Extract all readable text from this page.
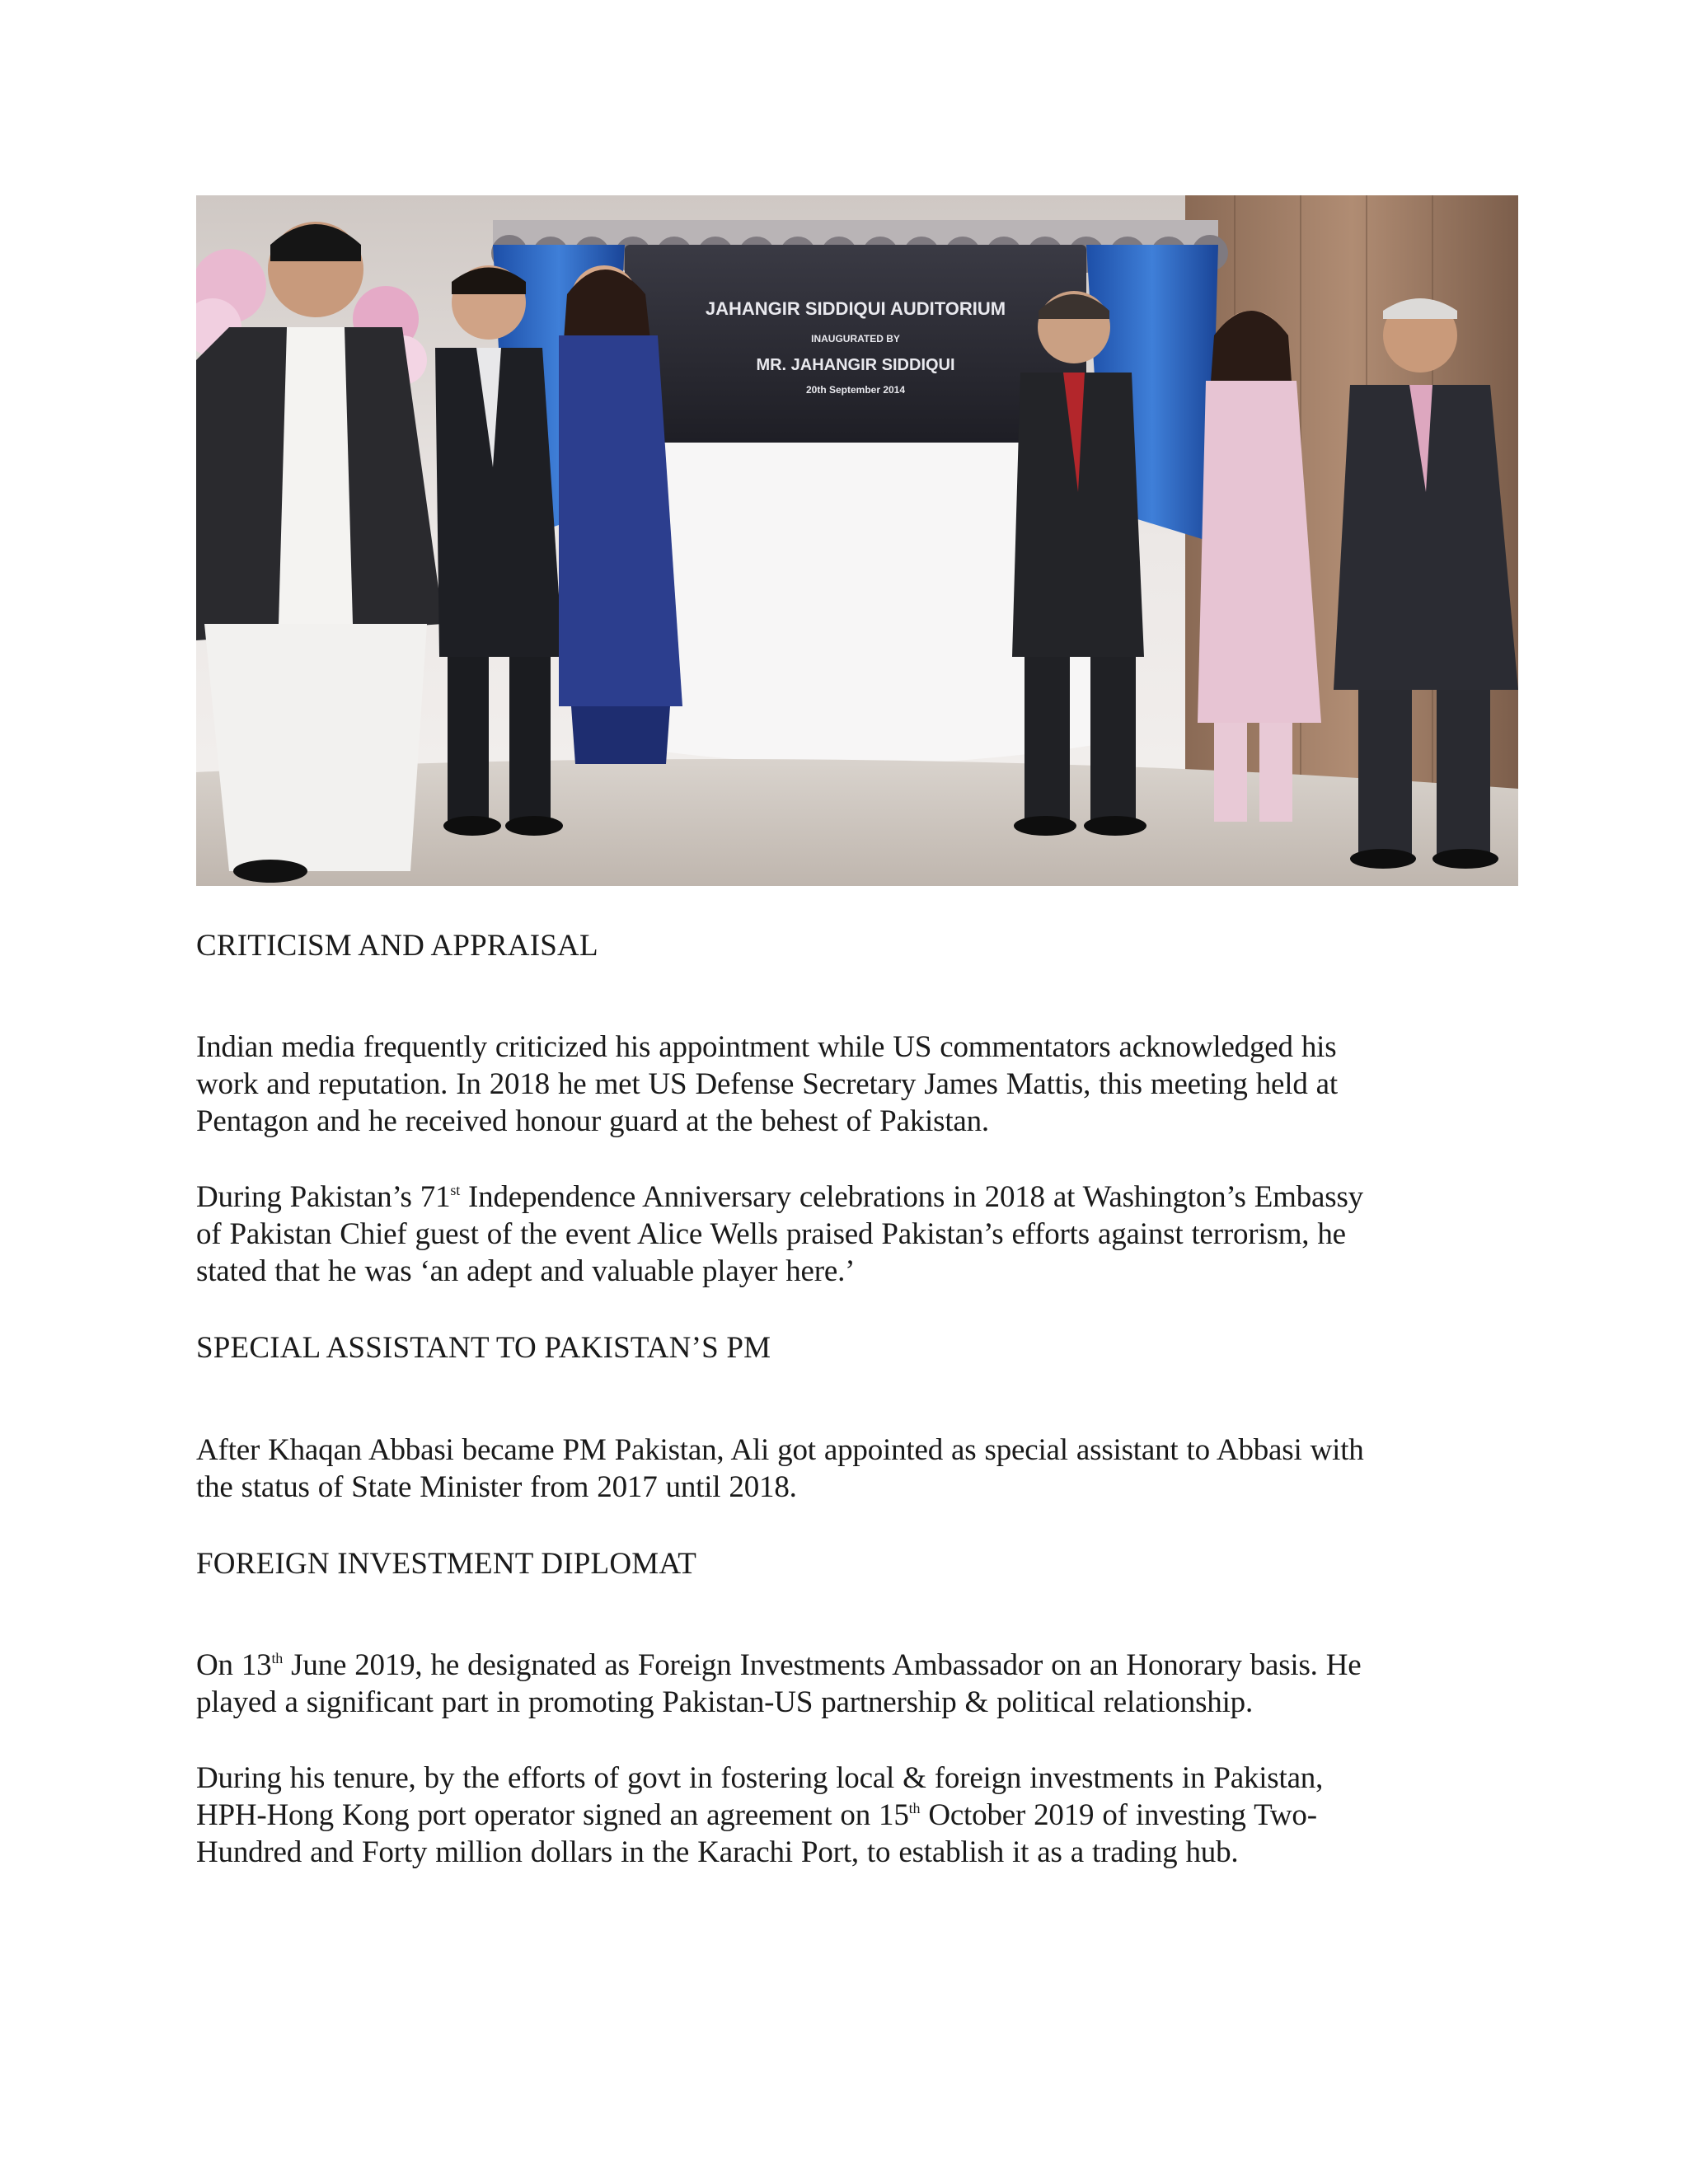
JAHANGIR SIDDIQUI AUDITORIUM
INAUGURATED BY
MR. JAHANGIR SIDDIQUI
20th September 2014
CRITICISM AND APPRAISAL

Indian media frequently criticized his appointment while US commentators acknowledged his

work and reputation. In 2018 he met US Defense Secretary James Mattis, this meeting held at

Pentagon and he received honour guard at the behest of Pakistan.

During Pakistan’s 71st Independence Anniversary celebrations in 2018 at Washington’s Embassy

of Pakistan Chief guest of the event Alice Wells praised Pakistan’s efforts against terrorism, he

stated that he was ‘an adept and valuable player here.’

SPECIAL ASSISTANT TO PAKISTAN’S PM

After Khaqan Abbasi became PM Pakistan, Ali got appointed as special assistant to Abbasi with

the status of State Minister from 2017 until 2018.

FOREIGN INVESTMENT DIPLOMAT

On 13th June 2019, he designated as Foreign Investments Ambassador on an Honorary basis. He

played a significant part in promoting Pakistan-US partnership & political relationship.

During his tenure, by the efforts of govt in fostering local & foreign investments in Pakistan,

HPH-Hong Kong port operator signed an agreement on 15th October 2019 of investing Two-

Hundred and Forty million dollars in the Karachi Port, to establish it as a trading hub.
